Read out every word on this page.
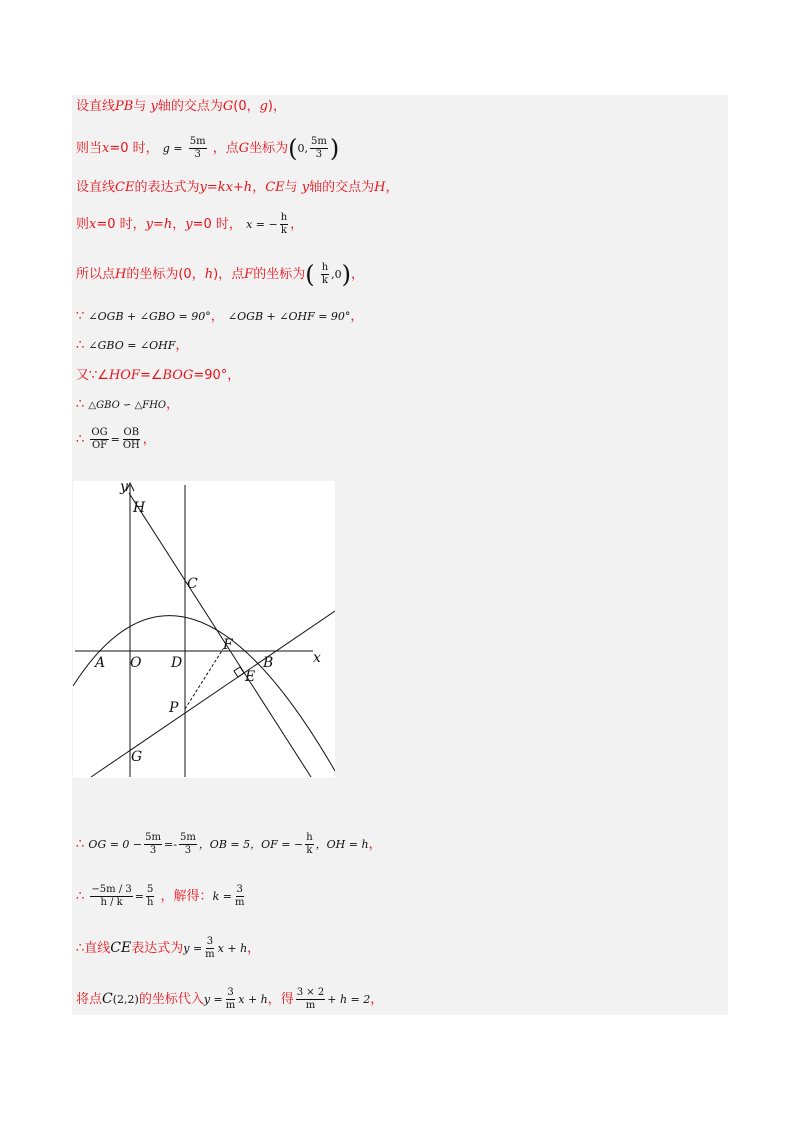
设直线PB与 y轴的交点为G(0，g)，
则当x=0 时， $g = \frac{5m}{3}$ ，点G坐标为(0, $\frac{5m}{3}$ )
设直线CE的表达式为y=kx+h，CE与 y轴的交点为H，
则x=0 时，y=h，y=0 时， x = − $\frac{h}{k}$ ，
所以点H的坐标为(0，h)，点F的坐标为( $\frac{h}{k} ,0$)，
∵ ∠OGB + ∠GBO = 90°， ∠OGB + ∠OHF = 90°，
∴ ∠GBO = ∠OHF，
又∵∠HOF=∠BOG=90°，
∴ △GBO ∽ △FHO，
∴ $\frac{OG}{OF} = \frac{OB}{OH}$ ，
y
x
H
C
F
A O D	B
E
P
G
∴ OG = $0 - \frac{5m}{3} =- \frac{5m}{3}$ ，OB = 5，OF = − $\frac{h}{k}$ ，OH = h，
∴ $\frac{-5m / 3}{h / k} = \frac{5}{h}$ ，解得：$k = \frac{3}{m}$
∴直线CE表达式为$y = \frac{3}{m}$ x + h，
将点C(2,2)的坐标代入$y = \frac{3}{m}$ x + h，得 $\frac{3 \times 2}{m} + h = 2$，
